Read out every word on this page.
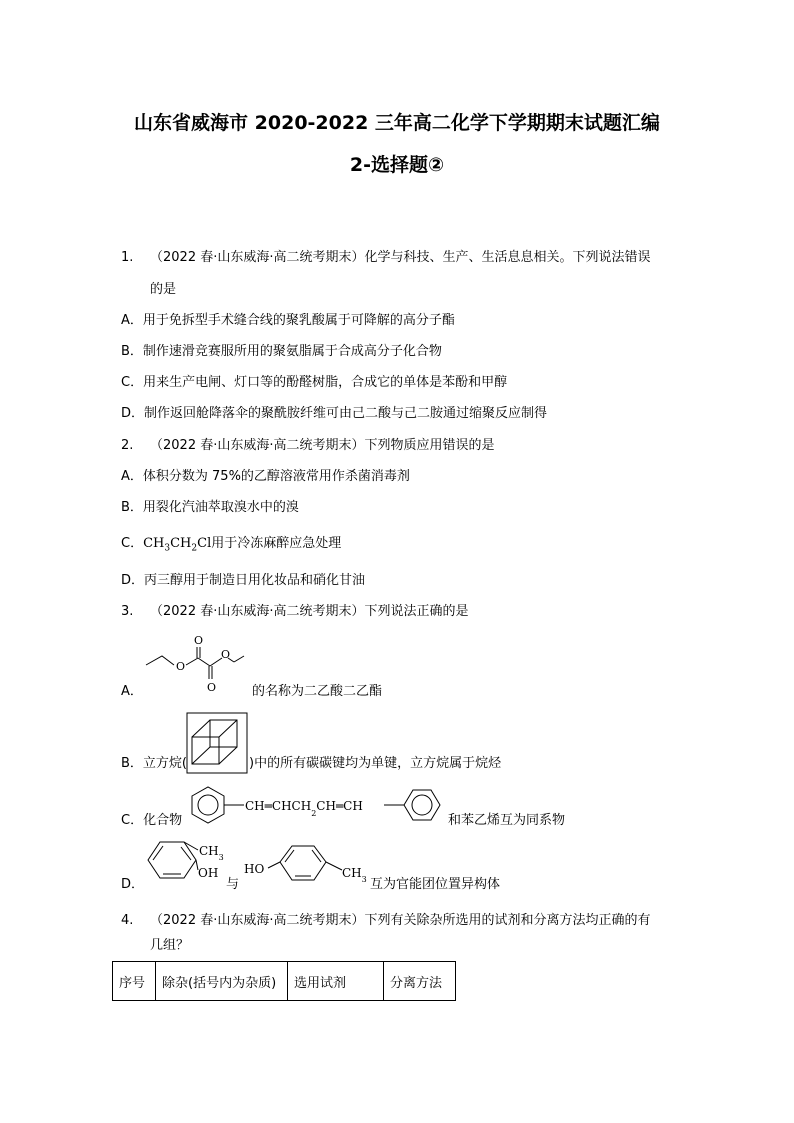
山东省威海市 2020-2022 三年高二化学下学期期末试题汇编
2-选择题②
1. （2022 春·山东威海·高二统考期末）化学与科技、生产、生活息息相关。下列说法错误
的是
A．用于免拆型手术缝合线的聚乳酸属于可降解的高分子酯
B．制作速滑竞赛服所用的聚氨脂属于合成高分子化合物
C．用来生产电闸、灯口等的酚醛树脂，合成它的单体是苯酚和甲醇
D．制作返回舱降落伞的聚酰胺纤维可由己二酸与己二胺通过缩聚反应制得
2. （2022 春·山东威海·高二统考期末）下列物质应用错误的是
A．体积分数为 75%的乙醇溶液常用作杀菌消毒剂
B．用裂化汽油萃取溴水中的溴
C．$CH_3CH_2Cl$用于冷冻麻醉应急处理
D．丙三醇用于制造日用化妆品和硝化甘油
3. （2022 春·山东威海·高二统考期末）下列说法正确的是
A．
O
O
O
O	的名称为二乙酸二乙酯
B．立方烷(	)中的所有碳碳键均为单键，立方烷属于烷烃
C．化合物
$CH═CHCH_2CH═CH$
和苯乙烯互为同系物
D．
$CH_3$
OH
与
HO	$CH_3$ 互为官能团位置异构体
4. （2022 春·山东威海·高二统考期末）下列有关除杂所选用的试剂和分离方法均正确的有
几组？
序号	除杂(括号内为杂质)	选用试剂	分离方法
